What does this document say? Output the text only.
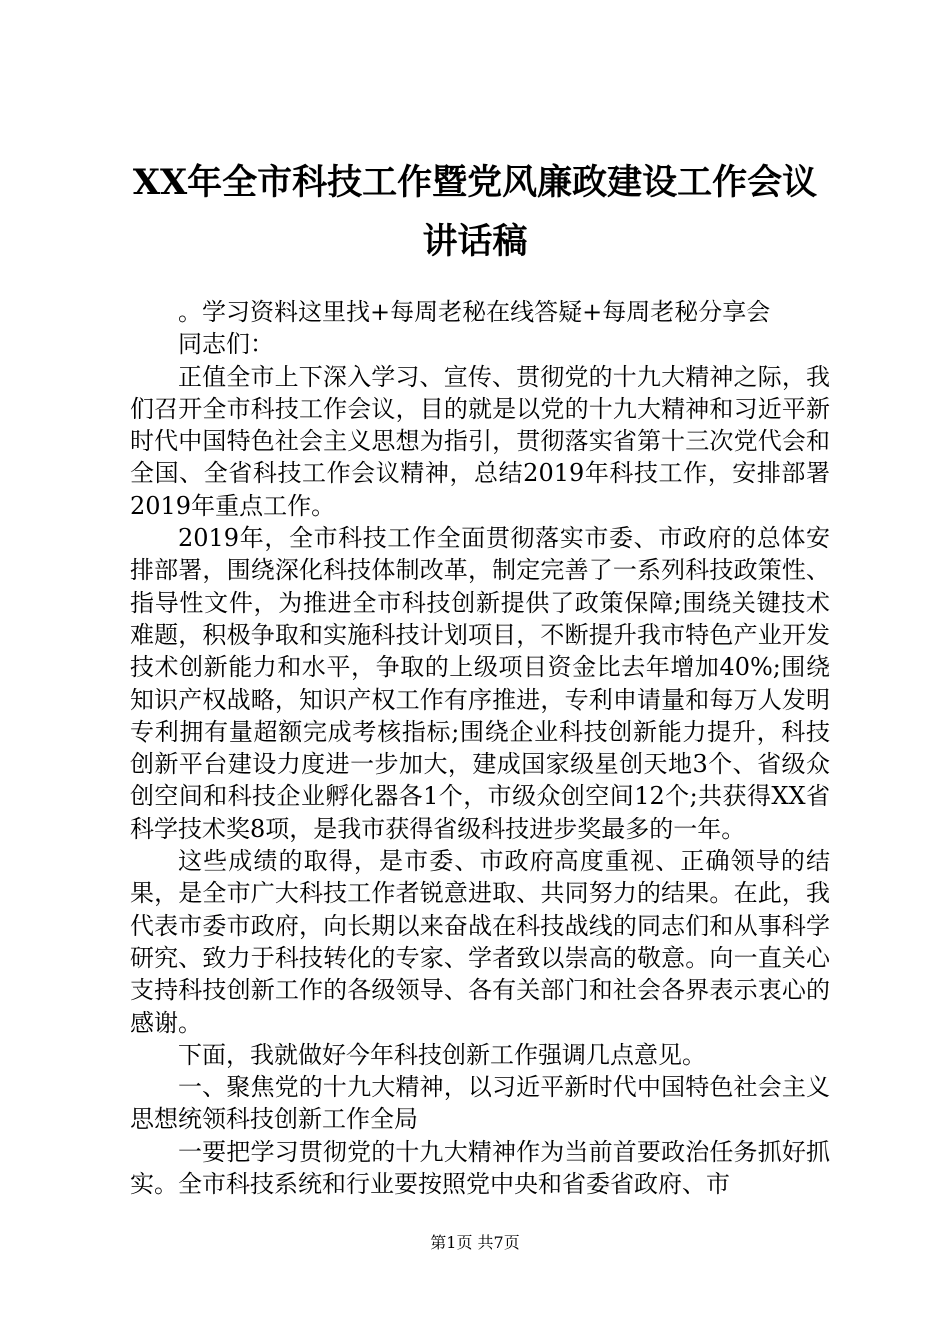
XX年全市科技工作暨党风廉政建设工作会议
讲话稿

。学习资料这里找+每周老秘在线答疑+每周老秘分享会

同志们：

正值全市上下深入学习、宣传、贯彻党的十九大精神之际，我们召开全市科技工作会议，目的就是以党的十九大精神和习近平新时代中国特色社会主义思想为指引，贯彻落实省第十三次党代会和全国、全省科技工作会议精神，总结2019年科技工作，安排部署2019年重点工作。

2019年，全市科技工作全面贯彻落实市委、市政府的总体安排部署，围绕深化科技体制改革，制定完善了一系列科技政策性、指导性文件，为推进全市科技创新提供了政策保障;围绕关键技术难题，积极争取和实施科技计划项目，不断提升我市特色产业开发技术创新能力和水平，争取的上级项目资金比去年增加40%;围绕知识产权战略，知识产权工作有序推进，专利申请量和每万人发明专利拥有量超额完成考核指标;围绕企业科技创新能力提升，科技创新平台建设力度进一步加大，建成国家级星创天地3个、省级众创空间和科技企业孵化器各1个，市级众创空间12个;共获得XX省科学技术奖8项，是我市获得省级科技进步奖最多的一年。

这些成绩的取得，是市委、市政府高度重视、正确领导的结果，是全市广大科技工作者锐意进取、共同努力的结果。在此，我代表市委市政府，向长期以来奋战在科技战线的同志们和从事科学研究、致力于科技转化的专家、学者致以崇高的敬意。向一直关心支持科技创新工作的各级领导、各有关部门和社会各界表示衷心的感谢。

下面，我就做好今年科技创新工作强调几点意见。

一、聚焦党的十九大精神，以习近平新时代中国特色社会主义思想统领科技创新工作全局

一要把学习贯彻党的十九大精神作为当前首要政治任务抓好抓实。全市科技系统和行业要按照党中央和省委省政府、市

第1页 共7页
